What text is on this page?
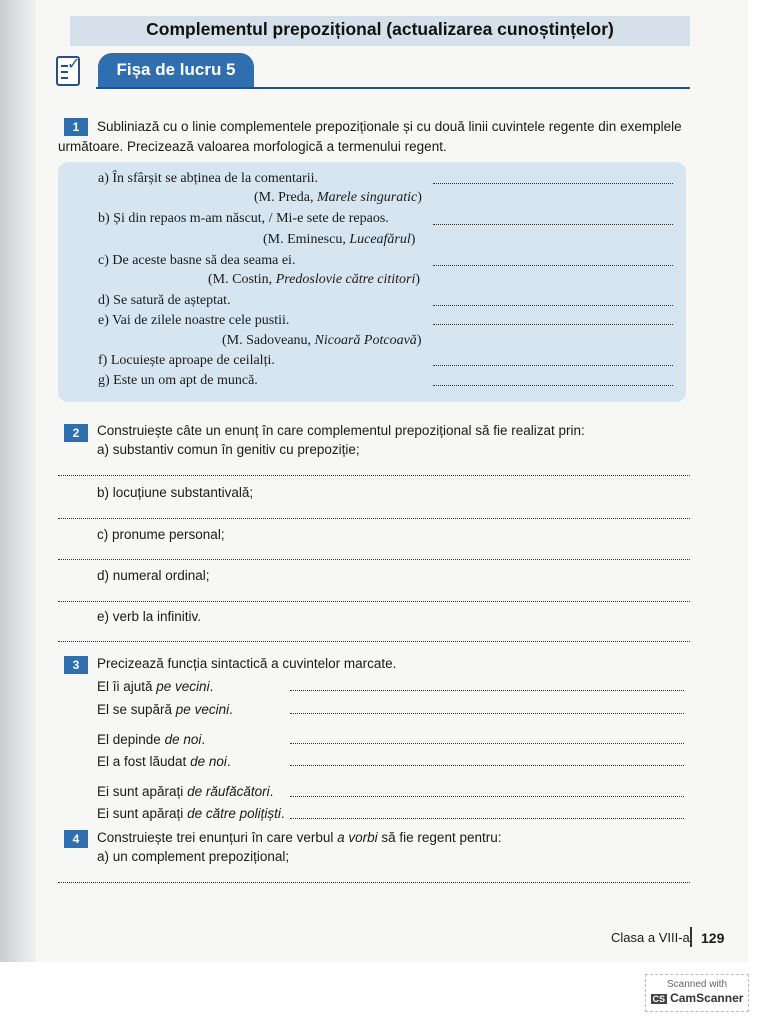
Complementul prepozițional (actualizarea cunoștințelor)
✓	Fișa de lucru 5
1	Subliniază cu o linie complementele prepoziționale și cu două linii cuvintele regente din exemplele
următoare. Precizează valoarea morfologică a termenului regent.
a) În sfârșit se abținea de la comentarii.
(M. Preda, Marele singuratic)
b) Și din repaos m-am născut, / Mi-e sete de repaos.
(M. Eminescu, Luceafărul)
c) De aceste basne să dea seama ei.
(M. Costin, Predoslovie către cititori)
d) Se satură de așteptat.
e) Vai de zilele noastre cele pustii.
(M. Sadoveanu, Nicoară Potcoavă)
f) Locuiește aproape de ceilalți.
g) Este un om apt de muncă.
2	Construiește câte un enunț în care complementul prepozițional să fie realizat prin:
a) substantiv comun în genitiv cu prepoziție;
b) locuțiune substantivală;
c) pronume personal;
d) numeral ordinal;
e) verb la infinitiv.
3	Precizează funcția sintactică a cuvintelor marcate.
El îi ajută pe vecini.
El se supără pe vecini.
El depinde de noi.
El a fost lăudat de noi.
Ei sunt apărați de răufăcători.
Ei sunt apărați de către polițiști.
4	Construiește trei enunțuri în care verbul a vorbi să fie regent pentru:
a) un complement prepozițional;
Clasa a VIII-a 129
Scanned with
CS CamScanner
